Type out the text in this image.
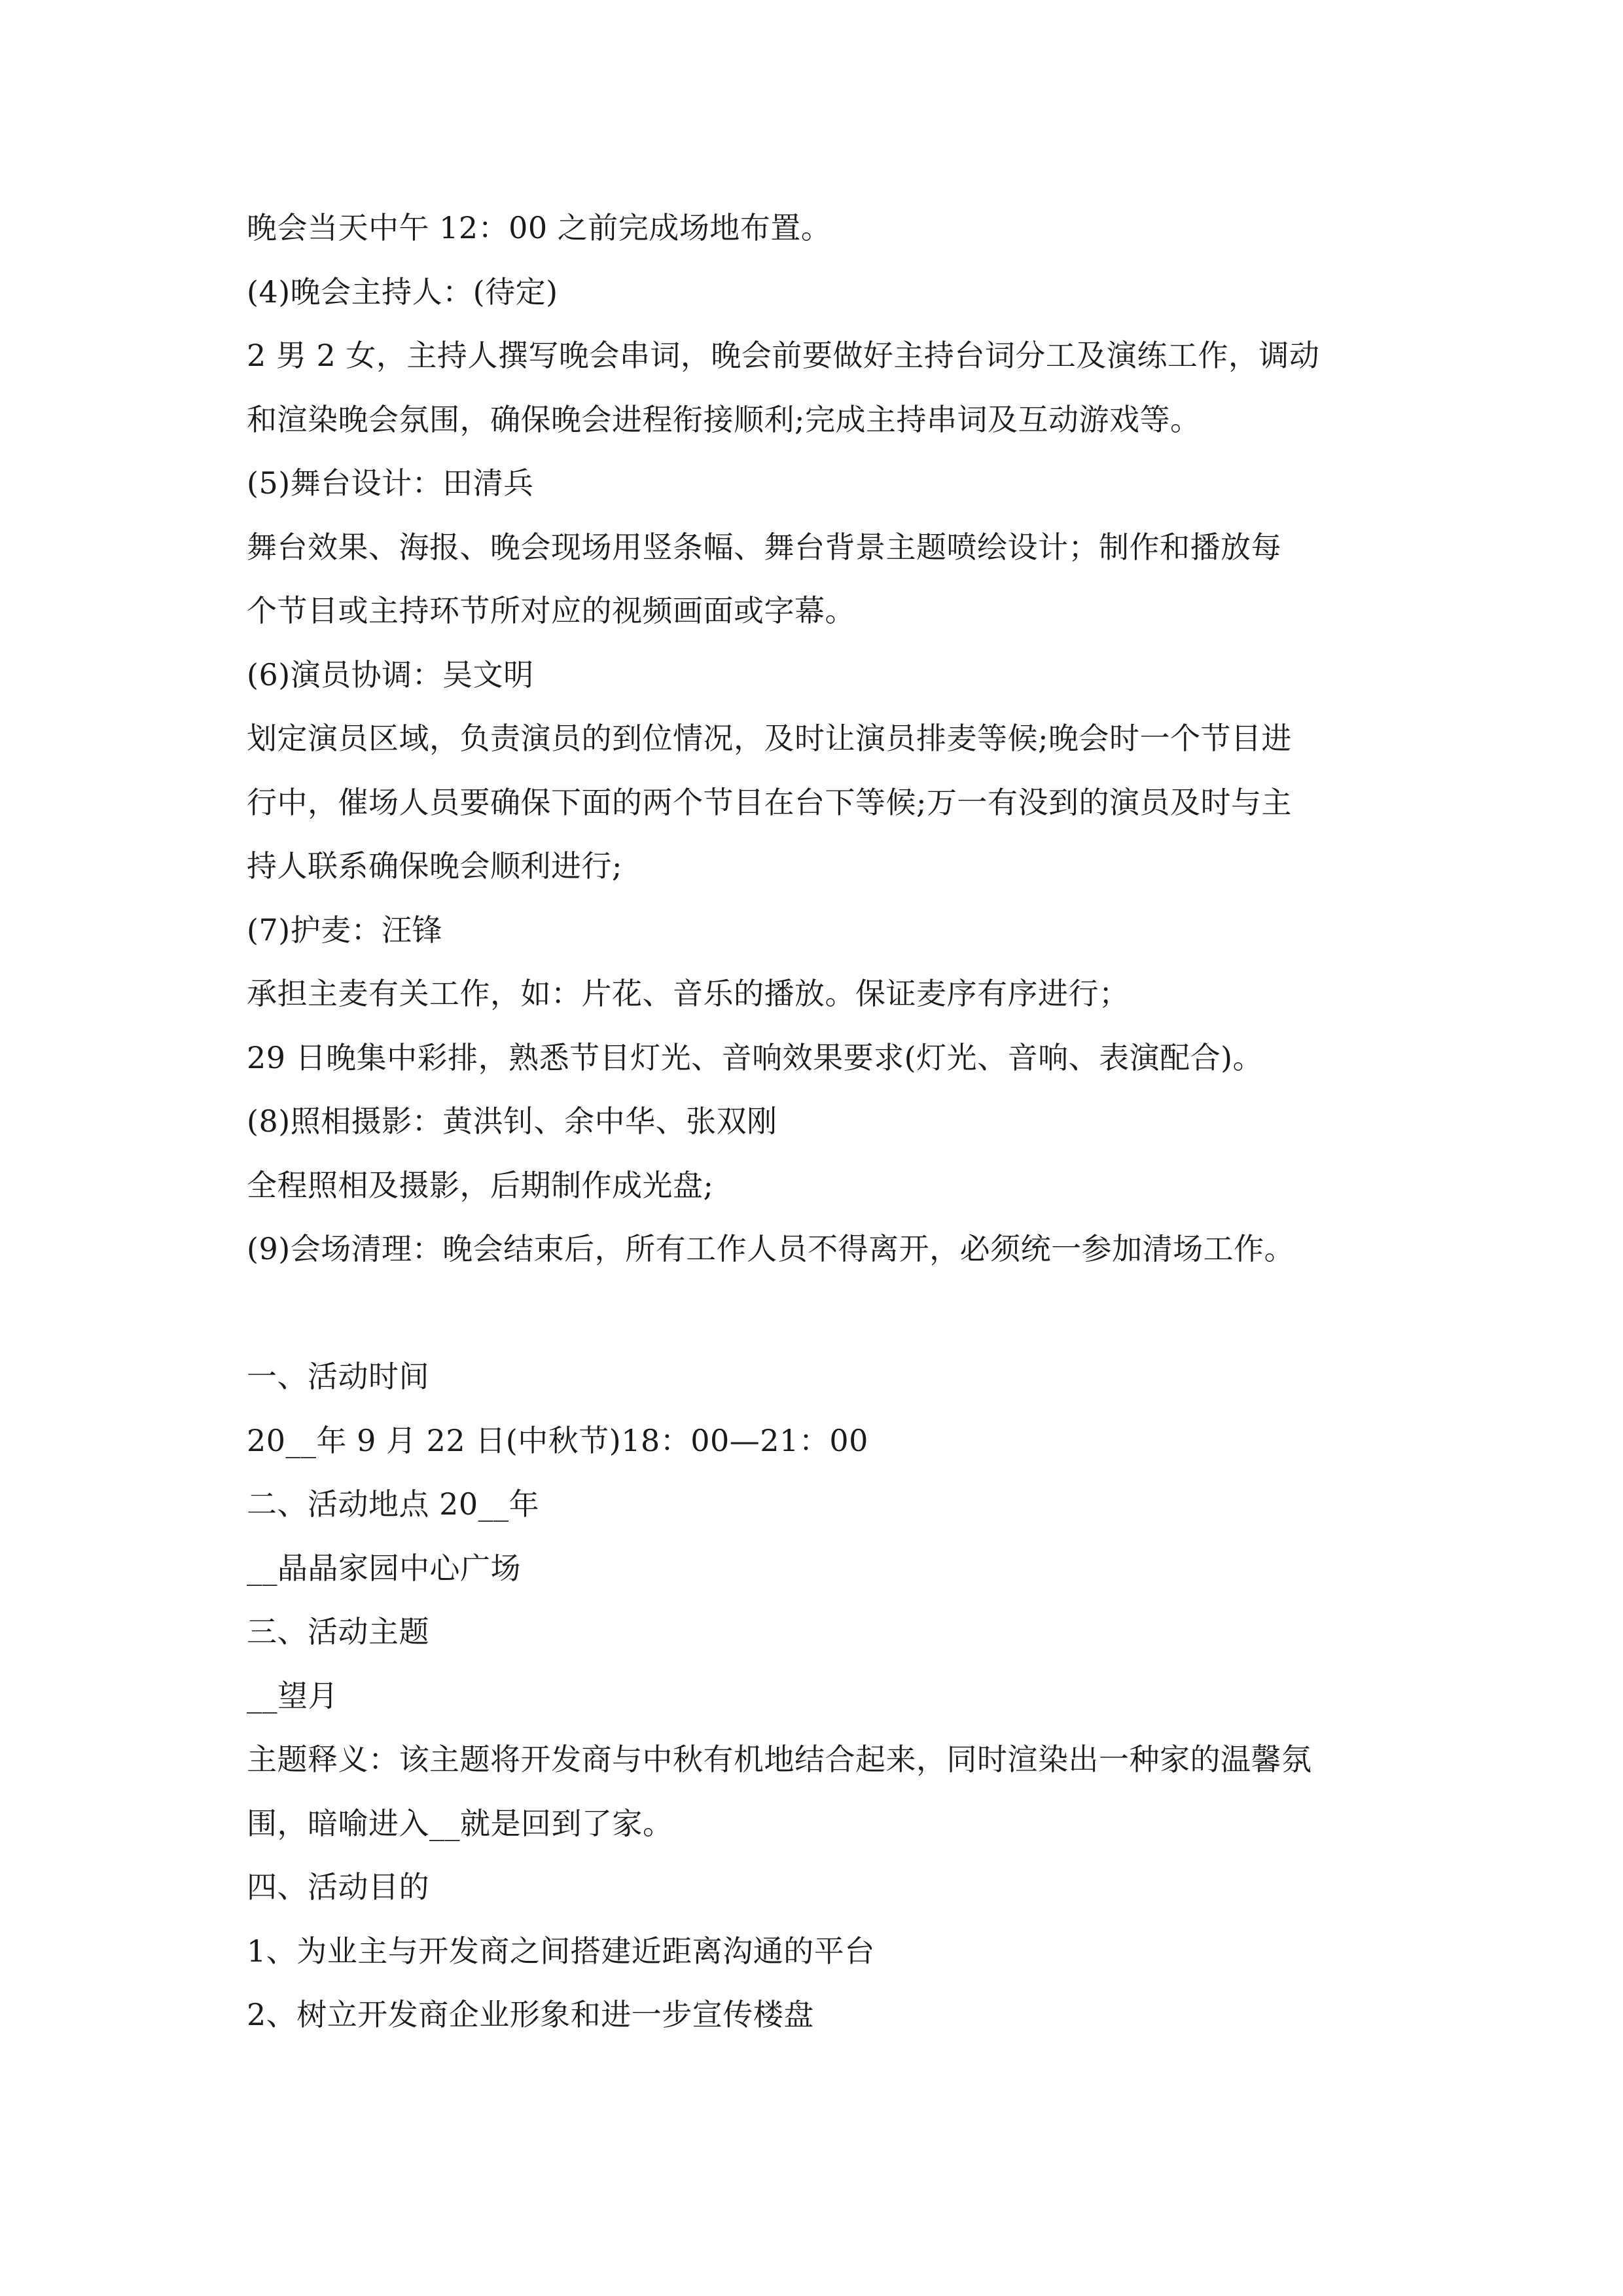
晚会当天中午 12：00 之前完成场地布置。
(4)晚会主持人：(待定)
2 男 2 女，主持人撰写晚会串词，晚会前要做好主持台词分工及演练工作，调动
和渲染晚会氛围，确保晚会进程衔接顺利;完成主持串词及互动游戏等。
(5)舞台设计：田清兵
舞台效果、海报、晚会现场用竖条幅、舞台背景主题喷绘设计；制作和播放每
个节目或主持环节所对应的视频画面或字幕。
(6)演员协调：吴文明
划定演员区域，负责演员的到位情况，及时让演员排麦等候;晚会时一个节目进
行中，催场人员要确保下面的两个节目在台下等候;万一有没到的演员及时与主
持人联系确保晚会顺利进行;
(7)护麦：汪锋
承担主麦有关工作，如：片花、音乐的播放。保证麦序有序进行；
29 日晚集中彩排，熟悉节目灯光、音响效果要求(灯光、音响、表演配合)。
(8)照相摄影：黄洪钊、余中华、张双刚
全程照相及摄影，后期制作成光盘;
(9)会场清理：晚会结束后，所有工作人员不得离开，必须统一参加清场工作。
一、活动时间
20__年 9 月 22 日(中秋节)18：00—21：00
二、活动地点 20__年
__晶晶家园中心广场
三、活动主题
__望月
主题释义：该主题将开发商与中秋有机地结合起来，同时渲染出一种家的温馨氛
围，暗喻进入__就是回到了家。
四、活动目的
1、为业主与开发商之间搭建近距离沟通的平台
2、树立开发商企业形象和进一步宣传楼盘
